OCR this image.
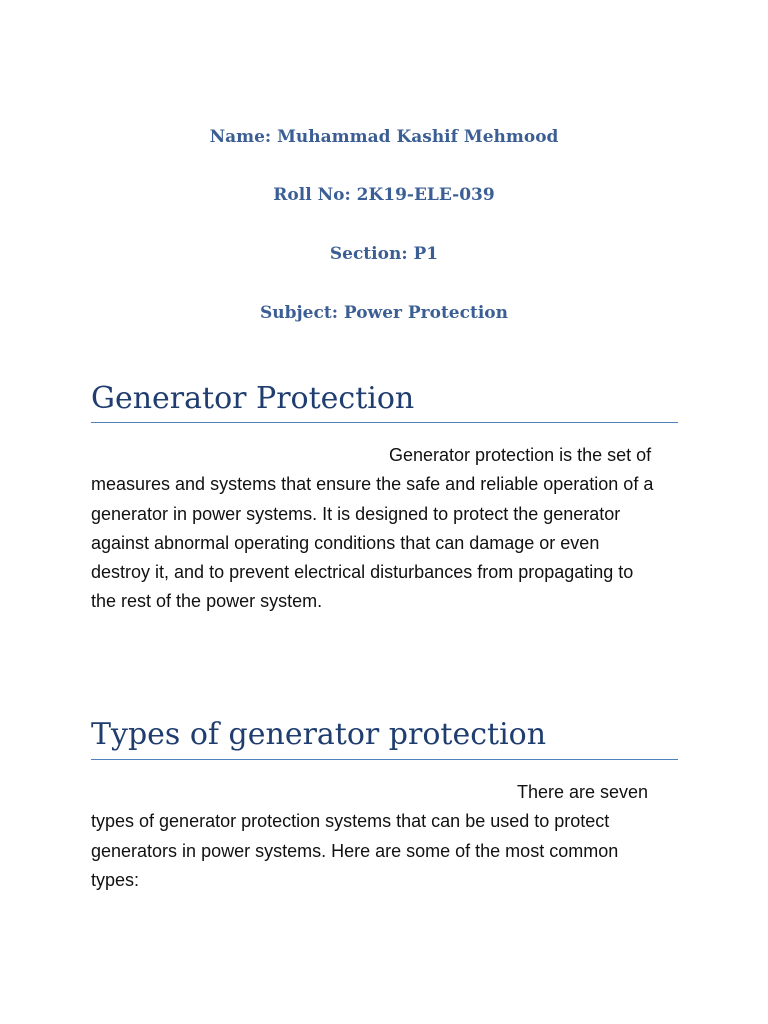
Name: Muhammad Kashif Mehmood
Roll No: 2K19-ELE-039
Section: P1
Subject: Power Protection
Generator Protection
Generator protection is the set of
measures and systems that ensure the safe and reliable operation of a
generator in power systems. It is designed to protect the generator
against abnormal operating conditions that can damage or even
destroy it, and to prevent electrical disturbances from propagating to
the rest of the power system.
Types of generator protection
There are seven
types of generator protection systems that can be used to protect
generators in power systems. Here are some of the most common
types:
